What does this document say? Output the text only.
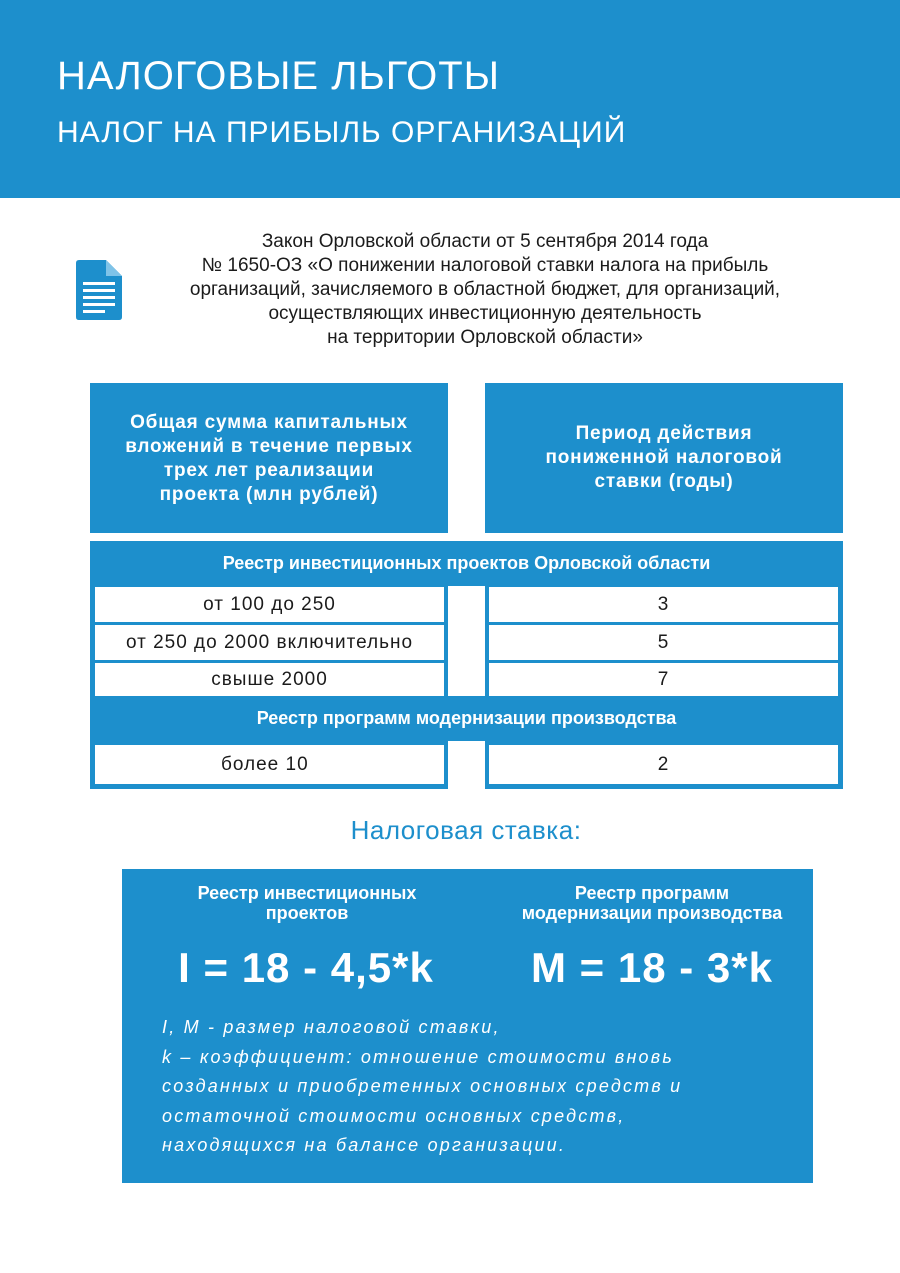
НАЛОГОВЫЕ ЛЬГОТЫ
НАЛОГ НА ПРИБЫЛЬ ОРГАНИЗАЦИЙ
Закон Орловской области от 5 сентября 2014 года
№ 1650-ОЗ «О понижении налоговой ставки налога на прибыль
организаций, зачисляемого в областной бюджет, для организаций,
осуществляющих инвестиционную деятельность
на территории Орловской области»
Общая сумма капитальных
вложений в течение первых
трех лет реализации
проекта (млн рублей)
Период действия
пониженной налоговой
ставки (годы)
Реестр инвестиционных проектов Орловской области
от 100 до 250	3
от 250 до 2000 включительно	5
свыше 2000	7
Реестр программ модернизации производства
более 10	2
Налоговая ставка:
Реестр инвестиционных
проектов
Реестр программ
модернизации производства
I = 18 - 4,5*k	M = 18 - 3*k
I, M - размер налоговой ставки,
k – коэффициент: отношение стоимости вновь
созданных и приобретенных основных средств и
остаточной стоимости основных средств,
находящихся на балансе организации.
